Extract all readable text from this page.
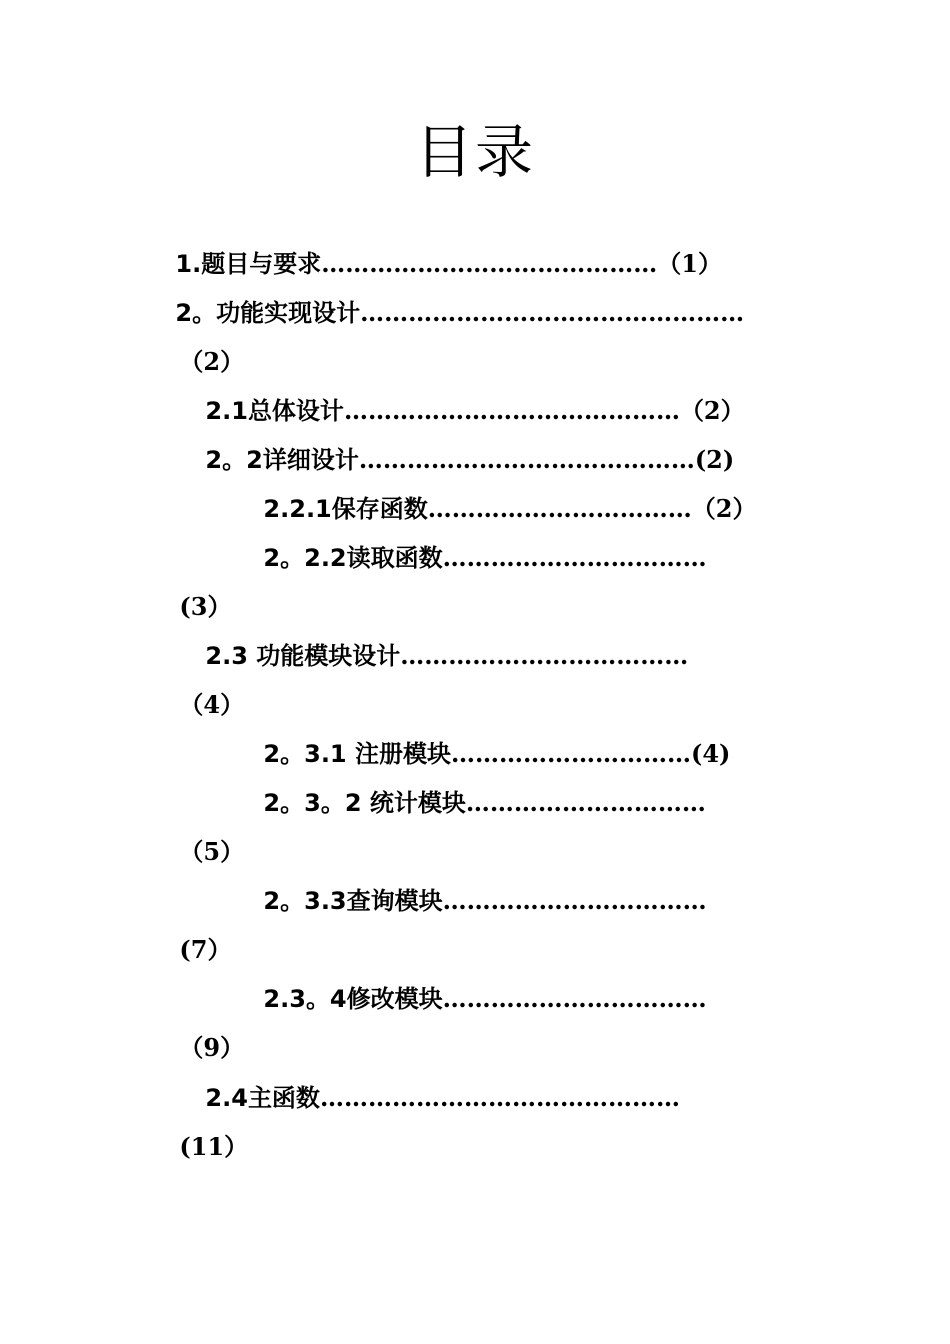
目录

1.题目与要求……………………………………（1）

2。功能实现设计…………………………………………

（2）

2.1总体设计……………………………………（2）

2。2详细设计……………………………………(2)

2.2.1保存函数……………………………（2）

2。2.2读取函数……………………………

(3）

2.3 功能模块设计………………………………

（4）

2。3.1 注册模块…………………………(4)

2。3。2 统计模块…………………………

（5）

2。3.3查询模块……………………………

(7）

2.3。4修改模块……………………………

（9）

2.4主函数………………………………………

(11）
